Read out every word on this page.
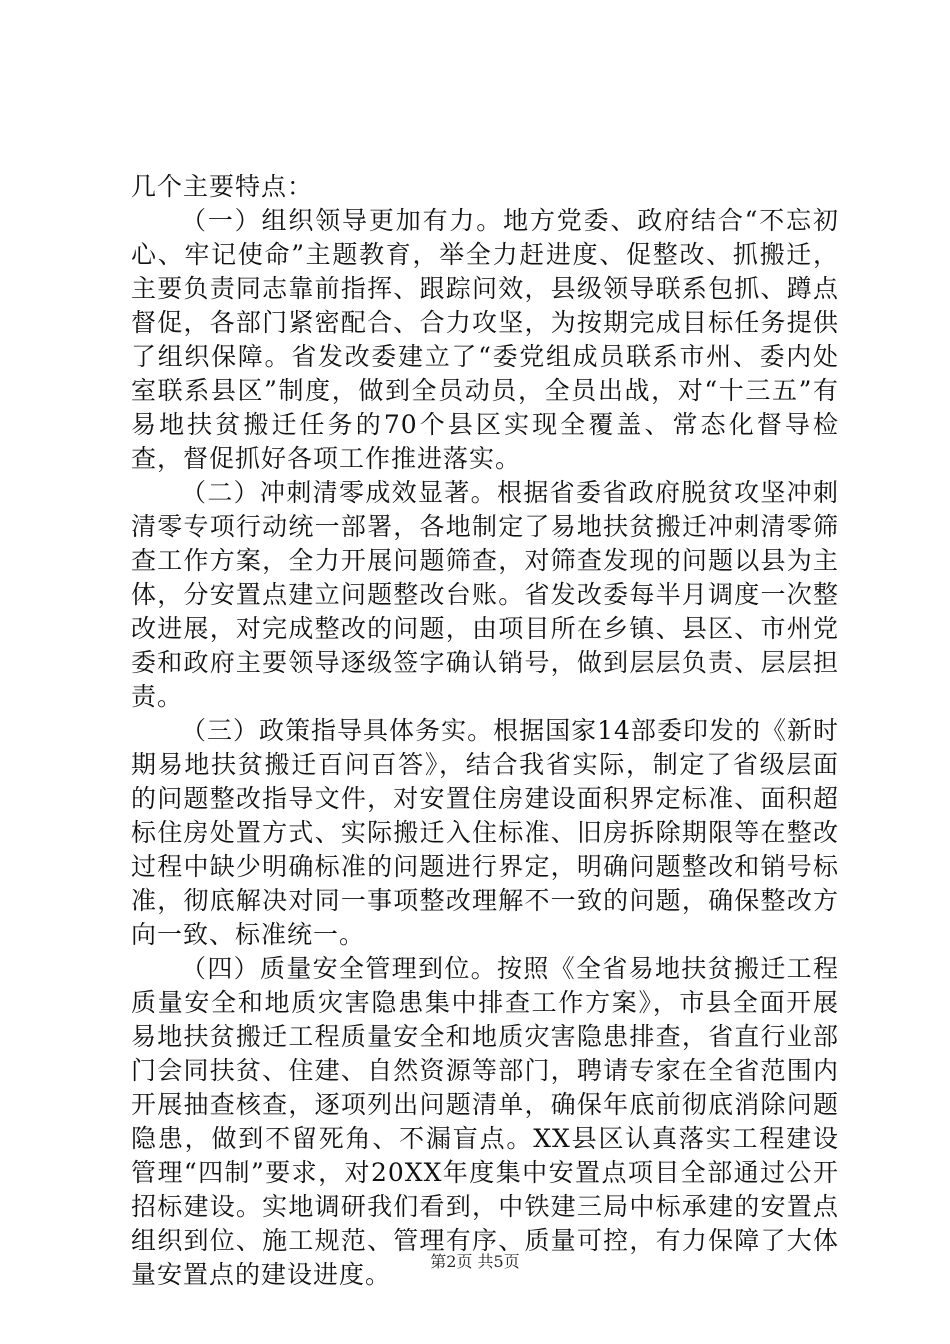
几个主要特点：

（一）组织领导更加有力。地方党委、政府结合“不忘初心、牢记使命”主题教育，举全力赶进度、促整改、抓搬迁，主要负责同志靠前指挥、跟踪问效，县级领导联系包抓、蹲点督促，各部门紧密配合、合力攻坚，为按期完成目标任务提供了组织保障。省发改委建立了“委党组成员联系市州、委内处室联系县区”制度，做到全员动员，全员出战，对“十三五”有易地扶贫搬迁任务的70个县区实现全覆盖、常态化督导检查，督促抓好各项工作推进落实。

（二）冲刺清零成效显著。根据省委省政府脱贫攻坚冲刺清零专项行动统一部署，各地制定了易地扶贫搬迁冲刺清零筛查工作方案，全力开展问题筛查，对筛查发现的问题以县为主体，分安置点建立问题整改台账。省发改委每半月调度一次整改进展，对完成整改的问题，由项目所在乡镇、县区、市州党委和政府主要领导逐级签字确认销号，做到层层负责、层层担责。

（三）政策指导具体务实。根据国家14部委印发的《新时期易地扶贫搬迁百问百答》，结合我省实际，制定了省级层面的问题整改指导文件，对安置住房建设面积界定标准、面积超标住房处置方式、实际搬迁入住标准、旧房拆除期限等在整改过程中缺少明确标准的问题进行界定，明确问题整改和销号标准，彻底解决对同一事项整改理解不一致的问题，确保整改方向一致、标准统一。

（四）质量安全管理到位。按照《全省易地扶贫搬迁工程质量安全和地质灾害隐患集中排查工作方案》，市县全面开展易地扶贫搬迁工程质量安全和地质灾害隐患排查，省直行业部门会同扶贫、住建、自然资源等部门，聘请专家在全省范围内开展抽查核查，逐项列出问题清单，确保年底前彻底消除问题隐患，做到不留死角、不漏盲点。XX县区认真落实工程建设管理“四制”要求，对20XX年度集中安置点项目全部通过公开招标建设。实地调研我们看到，中铁建三局中标承建的安置点组织到位、施工规范、管理有序、质量可控，有力保障了大体量安置点的建设进度。	第2页 共5页
